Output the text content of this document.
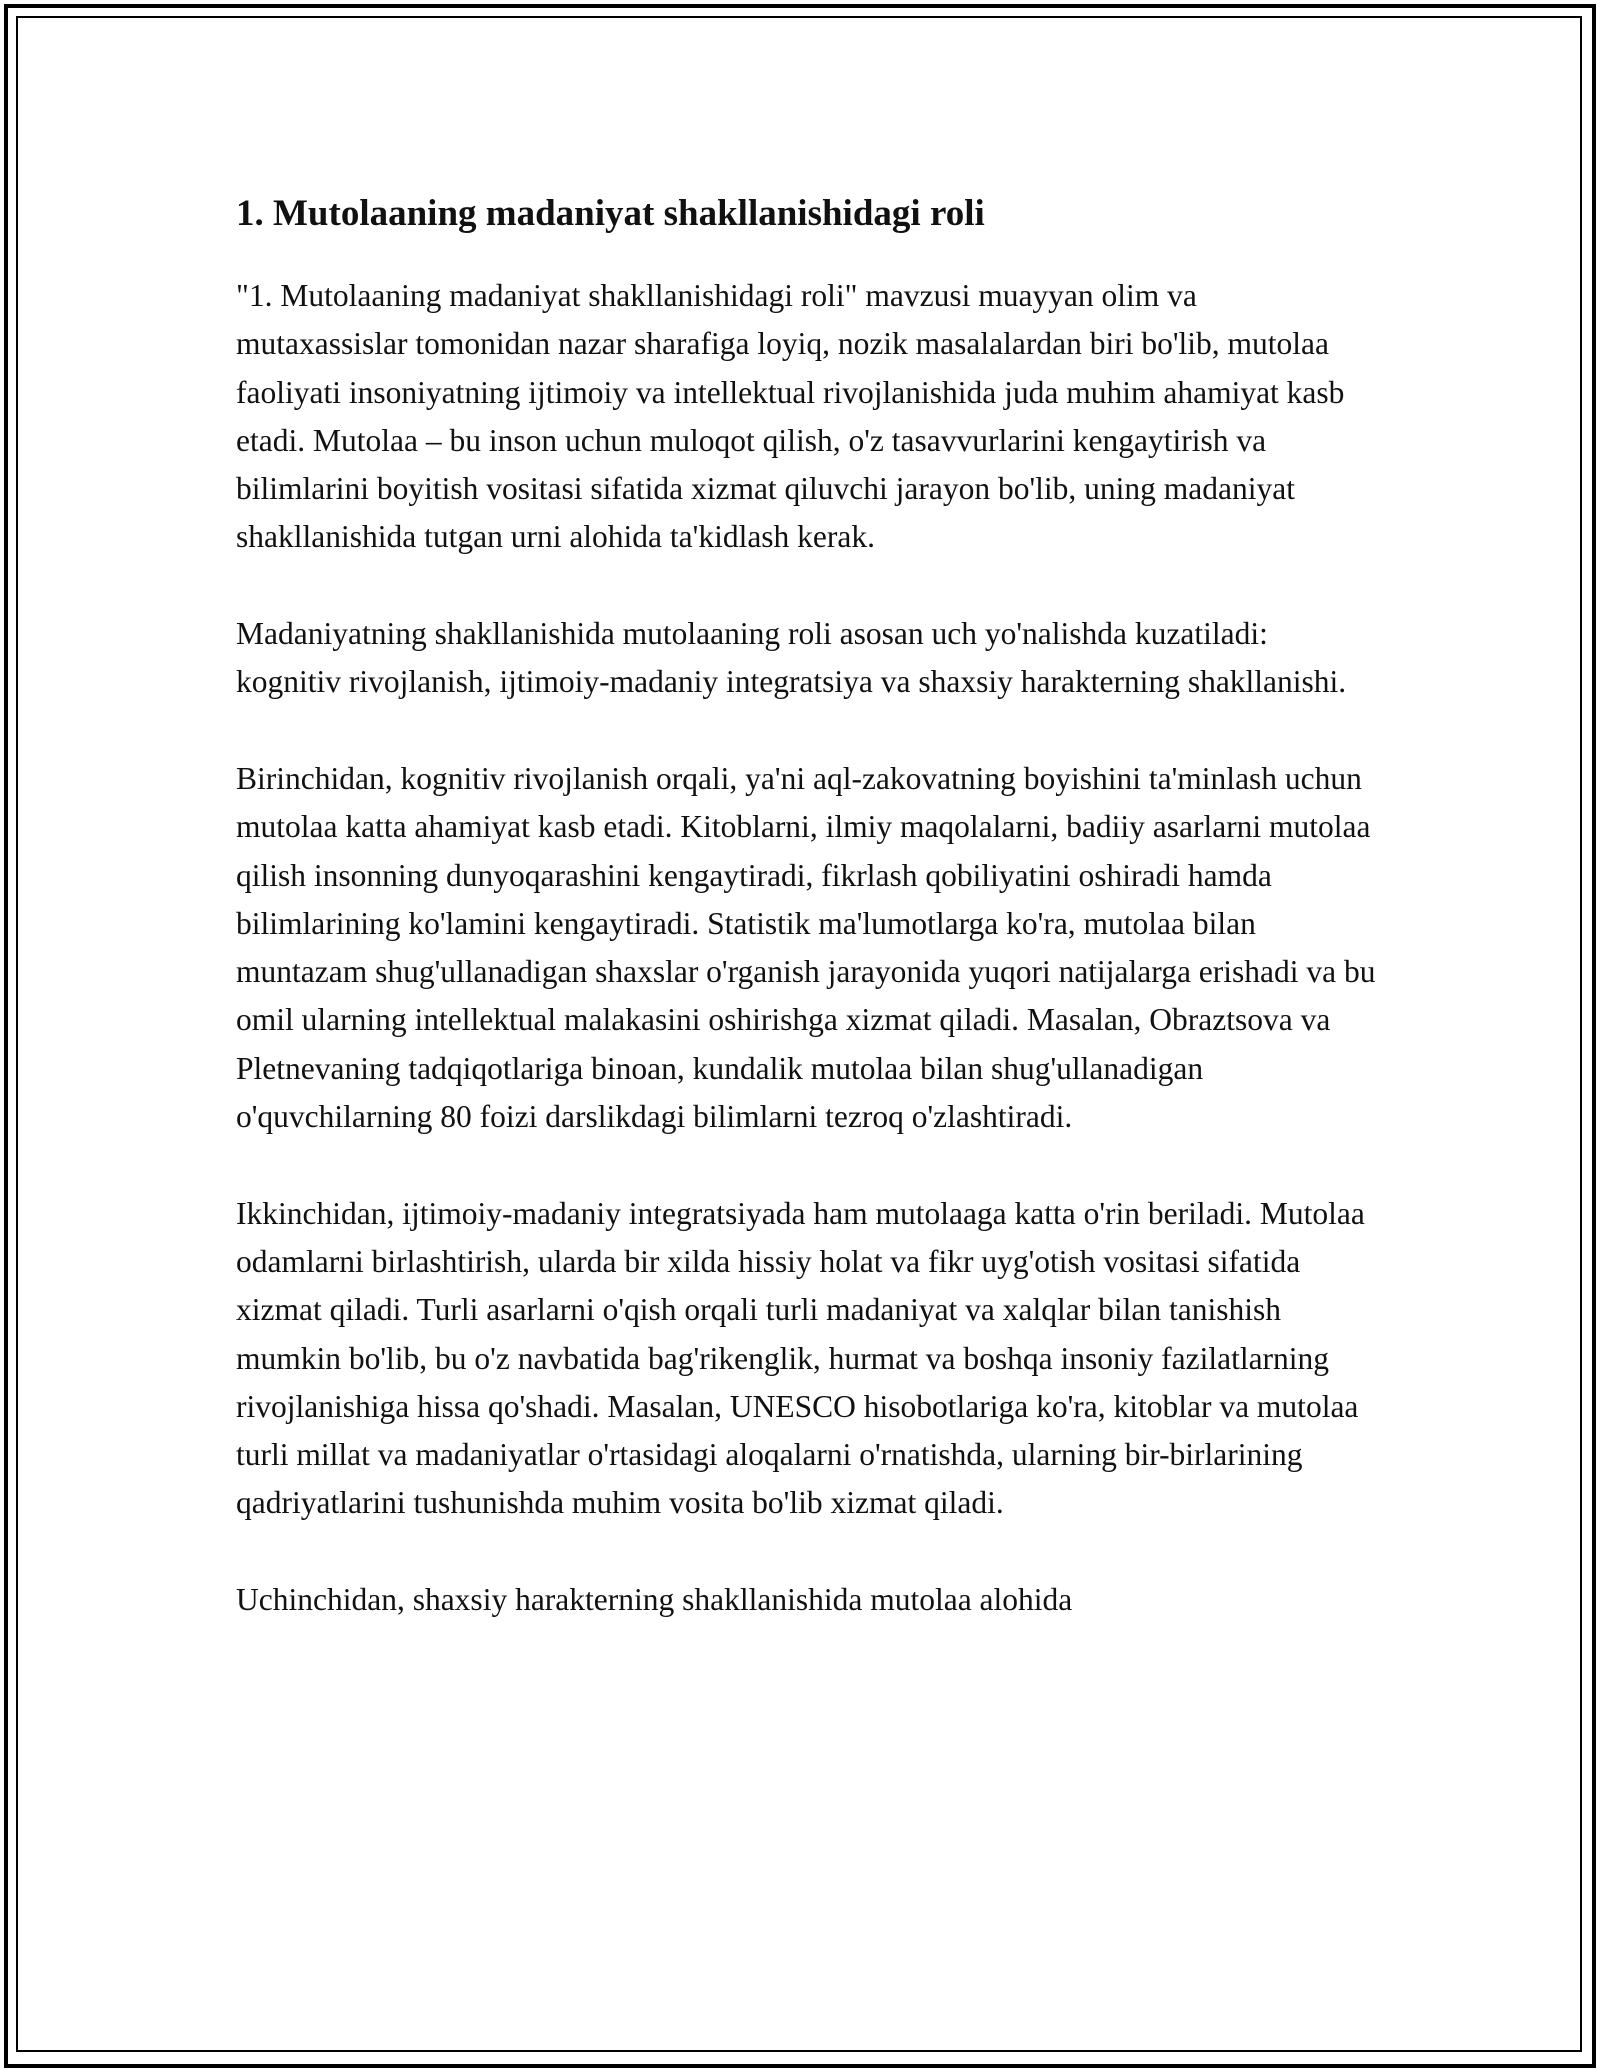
1. Mutolaaning madaniyat shakllanishidagi roli

"1. Mutolaaning madaniyat shakllanishidagi roli" mavzusi muayyan olim va mutaxassislar tomonidan nazar sharafiga loyiq, nozik masalalardan biri bo'lib, mutolaa faoliyati insoniyatning ijtimoiy va intellektual rivojlanishida juda muhim ahamiyat kasb etadi. Mutolaa – bu inson uchun muloqot qilish, o'z tasavvurlarini kengaytirish va bilimlarini boyitish vositasi sifatida xizmat qiluvchi jarayon bo'lib, uning madaniyat shakllanishida tutgan urni alohida ta'kidlash kerak.

Madaniyatning shakllanishida mutolaaning roli asosan uch yo'nalishda kuzatiladi: kognitiv rivojlanish, ijtimoiy-madaniy integratsiya va shaxsiy harakterning shakllanishi.

Birinchidan, kognitiv rivojlanish orqali, ya'ni aql-zakovatning boyishini ta'minlash uchun mutolaa katta ahamiyat kasb etadi. Kitoblarni, ilmiy maqolalarni, badiiy asarlarni mutolaa qilish insonning dunyoqarashini kengaytiradi, fikrlash qobiliyatini oshiradi hamda bilimlarining ko'lamini kengaytiradi. Statistik ma'lumotlarga ko'ra, mutolaa bilan muntazam shug'ullanadigan shaxslar o'rganish jarayonida yuqori natijalarga erishadi va bu omil ularning intellektual malakasini oshirishga xizmat qiladi. Masalan, Obraztsova va Pletnevaning tadqiqotlariga binoan, kundalik mutolaa bilan shug'ullanadigan o'quvchilarning 80 foizi darslikdagi bilimlarni tezroq o'zlashtiradi.

Ikkinchidan, ijtimoiy-madaniy integratsiyada ham mutolaaga katta o'rin beriladi. Mutolaa odamlarni birlashtirish, ularda bir xilda hissiy holat va fikr uyg'otish vositasi sifatida xizmat qiladi. Turli asarlarni o'qish orqali turli madaniyat va xalqlar bilan tanishish mumkin bo'lib, bu o'z navbatida bag'rikenglik, hurmat va boshqa insoniy fazilatlarning rivojlanishiga hissa qo'shadi. Masalan, UNESCO hisobotlariga ko'ra, kitoblar va mutolaa turli millat va madaniyatlar o'rtasidagi aloqalarni o'rnatishda, ularning bir-birlarining qadriyatlarini tushunishda muhim vosita bo'lib xizmat qiladi.

Uchinchidan, shaxsiy harakterning shakllanishida mutolaa alohida
